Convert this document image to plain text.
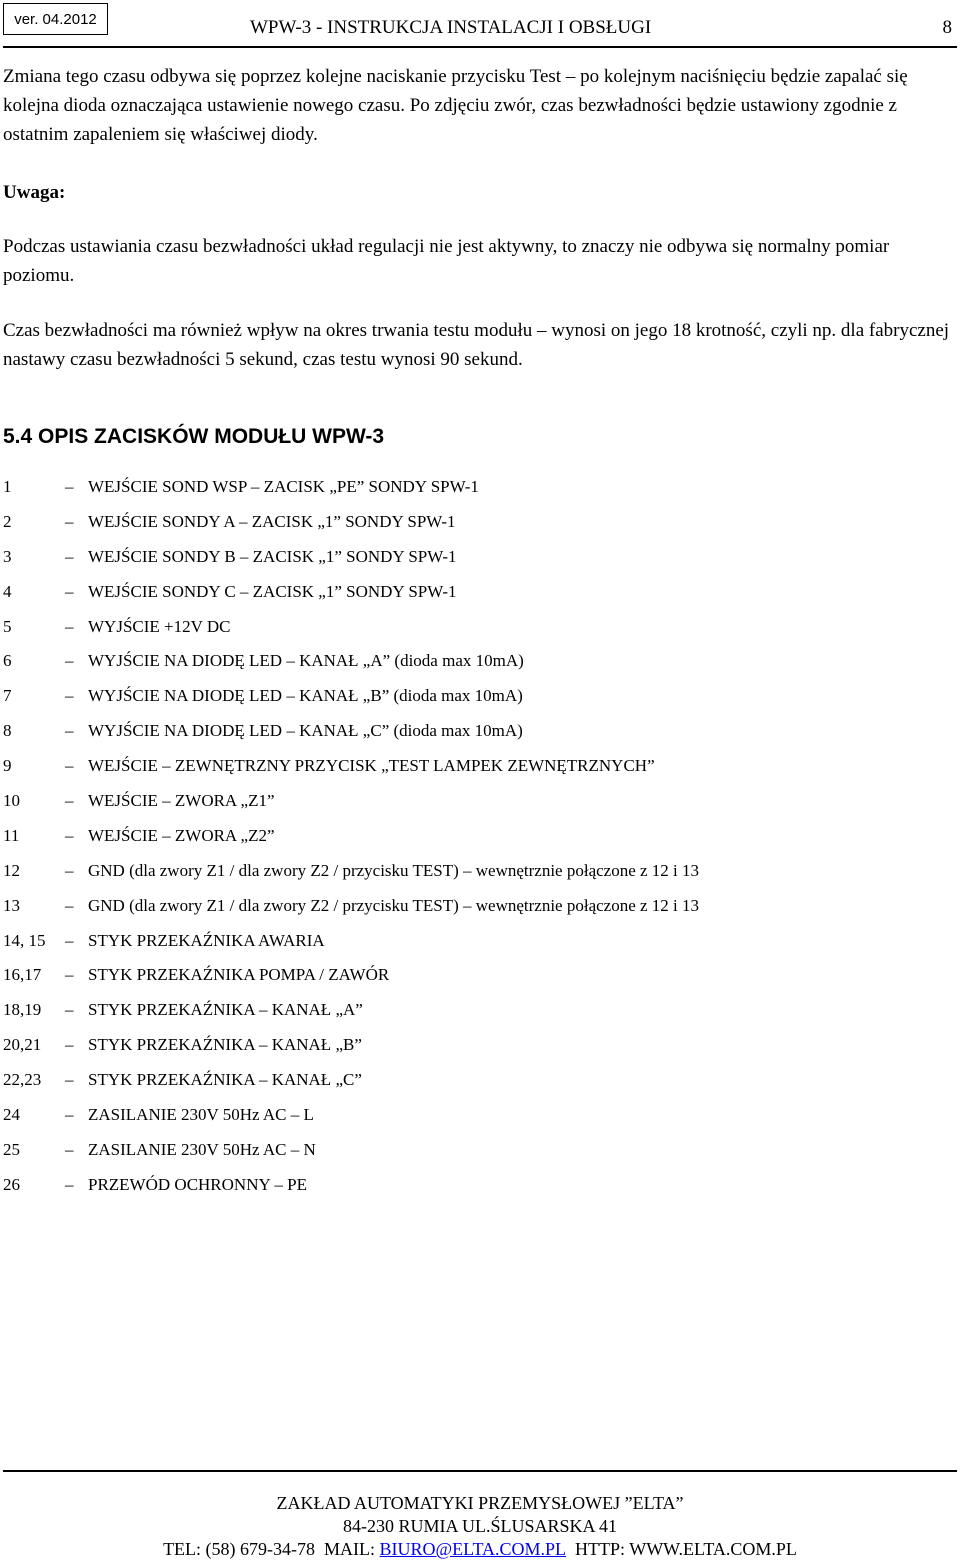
ver. 04.2012	WPW-3 - INSTRUKCJA INSTALACJI I OBSŁUGI	8

Zmiana tego czasu odbywa się poprzez kolejne naciskanie przycisku Test – po kolejnym naciśnięciu będzie zapalać się kolejna dioda oznaczająca ustawienie nowego czasu. Po zdjęciu zwór, czas bezwładności będzie ustawiony zgodnie z ostatnim zapaleniem się właściwej diody.

Uwaga:

Podczas ustawiania czasu bezwładności układ regulacji nie jest aktywny, to znaczy nie odbywa się normalny pomiar poziomu.

Czas bezwładności ma również wpływ na okres trwania testu modułu – wynosi on jego 18 krotność, czyli np. dla fabrycznej nastawy czasu bezwładności 5 sekund, czas testu wynosi 90 sekund.

5.4 OPIS ZACISKÓW MODUŁU WPW-3
1	– WEJŚCIE SOND WSP – ZACISK „PE” SONDY SPW-1
2	– WEJŚCIE SONDY A – ZACISK „1” SONDY SPW-1
3	– WEJŚCIE SONDY B – ZACISK „1” SONDY SPW-1
4	– WEJŚCIE SONDY C – ZACISK „1” SONDY SPW-1
5	– WYJŚCIE +12V DC
6	– WYJŚCIE NA DIODĘ LED – KANAŁ „A” (dioda max 10mA)
7	– WYJŚCIE NA DIODĘ LED – KANAŁ „B” (dioda max 10mA)
8	– WYJŚCIE NA DIODĘ LED – KANAŁ „C” (dioda max 10mA)
9	– WEJŚCIE – ZEWNĘTRZNY PRZYCISK „TEST LAMPEK ZEWNĘTRZNYCH”
10	– WEJŚCIE – ZWORA „Z1”
11	– WEJŚCIE – ZWORA „Z2”
12	– GND (dla zwory Z1 / dla zwory Z2 / przycisku TEST) – wewnętrznie połączone z 12 i 13
13	– GND (dla zwory Z1 / dla zwory Z2 / przycisku TEST) – wewnętrznie połączone z 12 i 13
14, 15 – STYK PRZEKAŹNIKA AWARIA
16,17 – STYK PRZEKAŹNIKA POMPA / ZAWÓR
18,19 – STYK PRZEKAŹNIKA – KANAŁ „A”
20,21 – STYK PRZEKAŹNIKA – KANAŁ „B”
22,23 – STYK PRZEKAŹNIKA – KANAŁ „C”
24	– ZASILANIE 230V 50Hz AC – L
25	– ZASILANIE 230V 50Hz AC – N
26	– PRZEWÓD OCHRONNY – PE
ZAKŁAD AUTOMATYKI PRZEMYSŁOWEJ ”ELTA”
84-230 RUMIA UL.ŚLUSARSKA 41
TEL: (58) 679-34-78 MAIL: BIURO@ELTA.COM.PL HTTP: WWW.ELTA.COM.PL
